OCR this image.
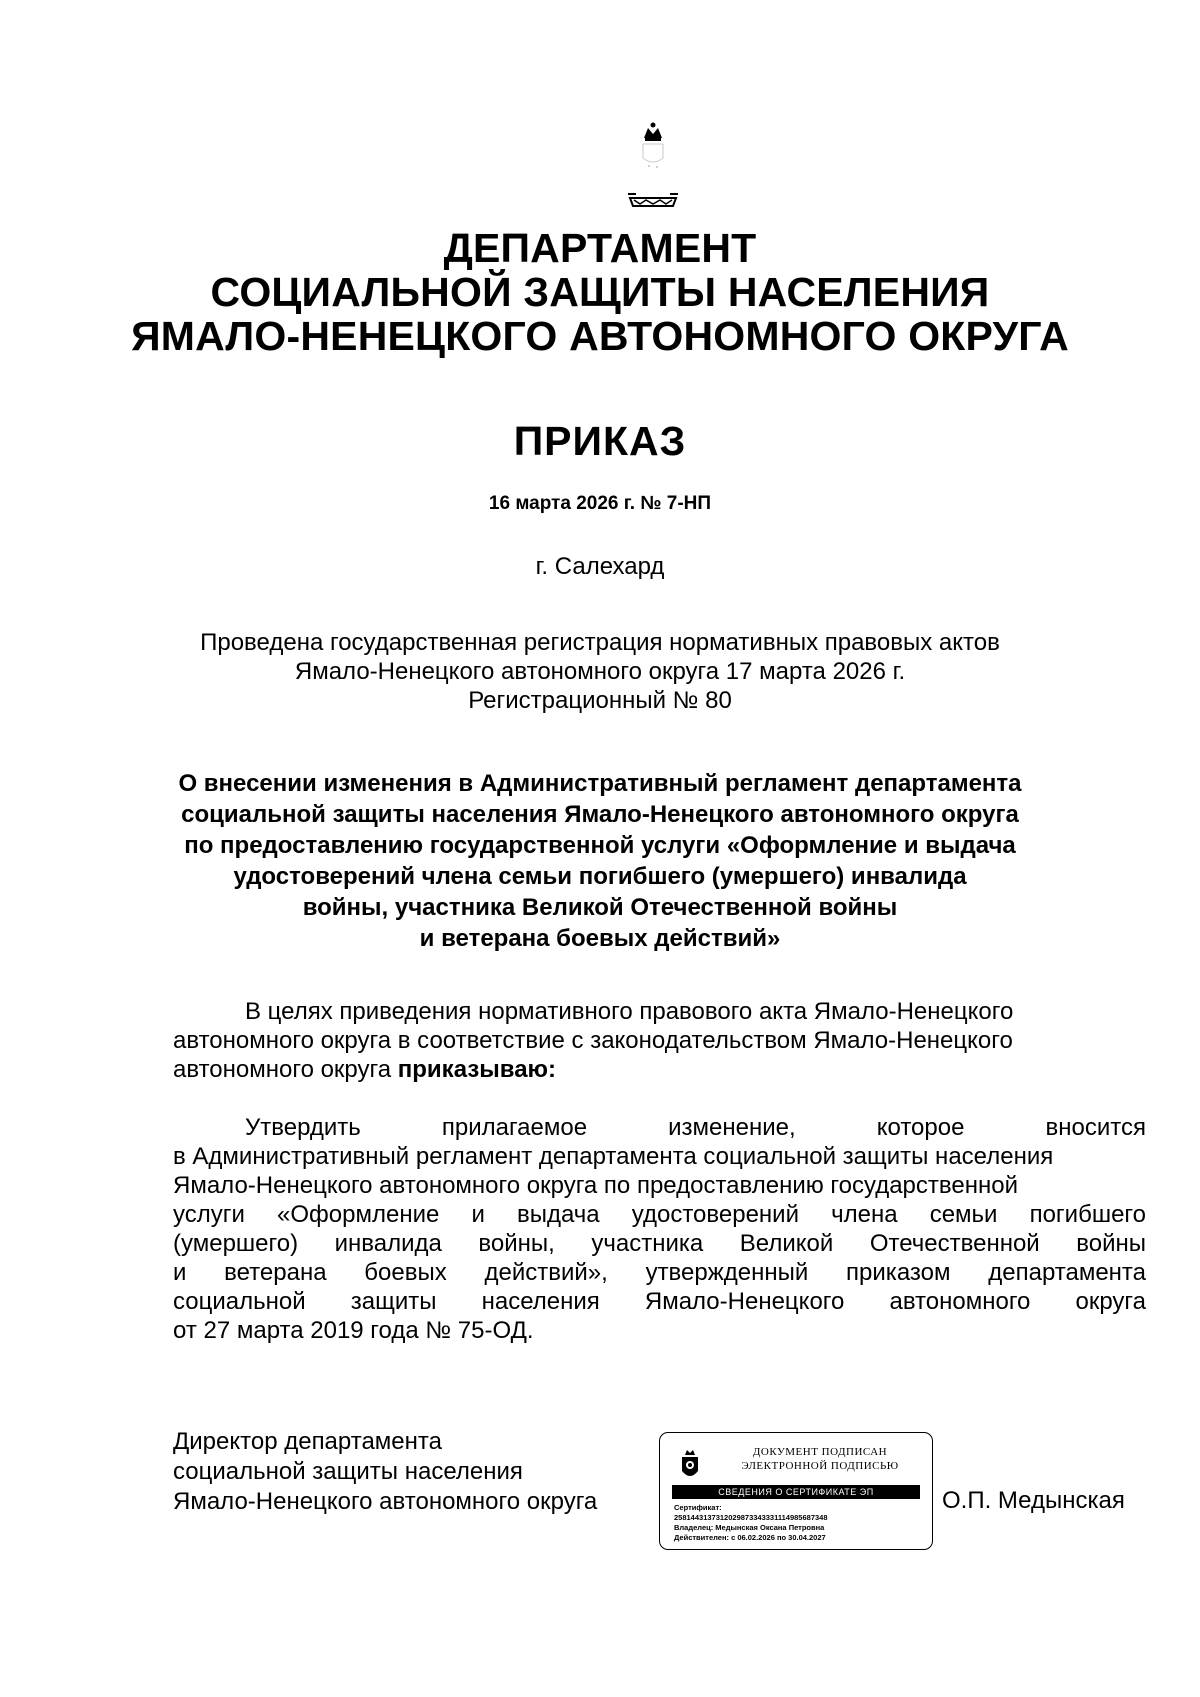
ДЕПАРТАМЕНТ
СОЦИАЛЬНОЙ ЗАЩИТЫ НАСЕЛЕНИЯ
ЯМАЛО-НЕНЕЦКОГО АВТОНОМНОГО ОКРУГА
ПРИКАЗ
16 марта 2026 г. № 7-НП
г. Салехард
Проведена государственная регистрация нормативных правовых актов
Ямало-Ненецкого автономного округа 17 марта 2026 г.
Регистрационный № 80
О внесении изменения в Административный регламент департамента
социальной защиты населения Ямало-Ненецкого автономного округа
по предоставлению государственной услуги «Оформление и выдача
удостоверений члена семьи погибшего (умершего) инвалида
войны, участника Великой Отечественной войны
и ветерана боевых действий»
В целях приведения нормативного правового акта Ямало-Ненецкого
автономного округа в соответствие с законодательством Ямало-Ненецкого
автономного округа приказываю:
Утвердить прилагаемое изменение, которое вносится
в Административный регламент департамента социальной защиты населения
Ямало-Ненецкого автономного округа по предоставлению государственной
услуги «Оформление и выдача удостоверений члена семьи погибшего
(умершего) инвалида войны, участника Великой Отечественной войны
и ветерана боевых действий», утвержденный приказом департамента
социальной защиты населения Ямало-Ненецкого автономного округа
от 27 марта 2019 года № 75-ОД.
Директор департамента
социальной защиты населения
Ямало-Ненецкого автономного округа
ДОКУМЕНТ ПОДПИСАН
ЭЛЕКТРОННОЙ ПОДПИСЬЮ
СВЕДЕНИЯ О СЕРТИФИКАТЕ ЭП
Сертификат:
2581443137312029873343331114985687348
Владелец: Медынская Оксана Петровна
Действителен: с 06.02.2026 по 30.04.2027
О.П. Медынская
